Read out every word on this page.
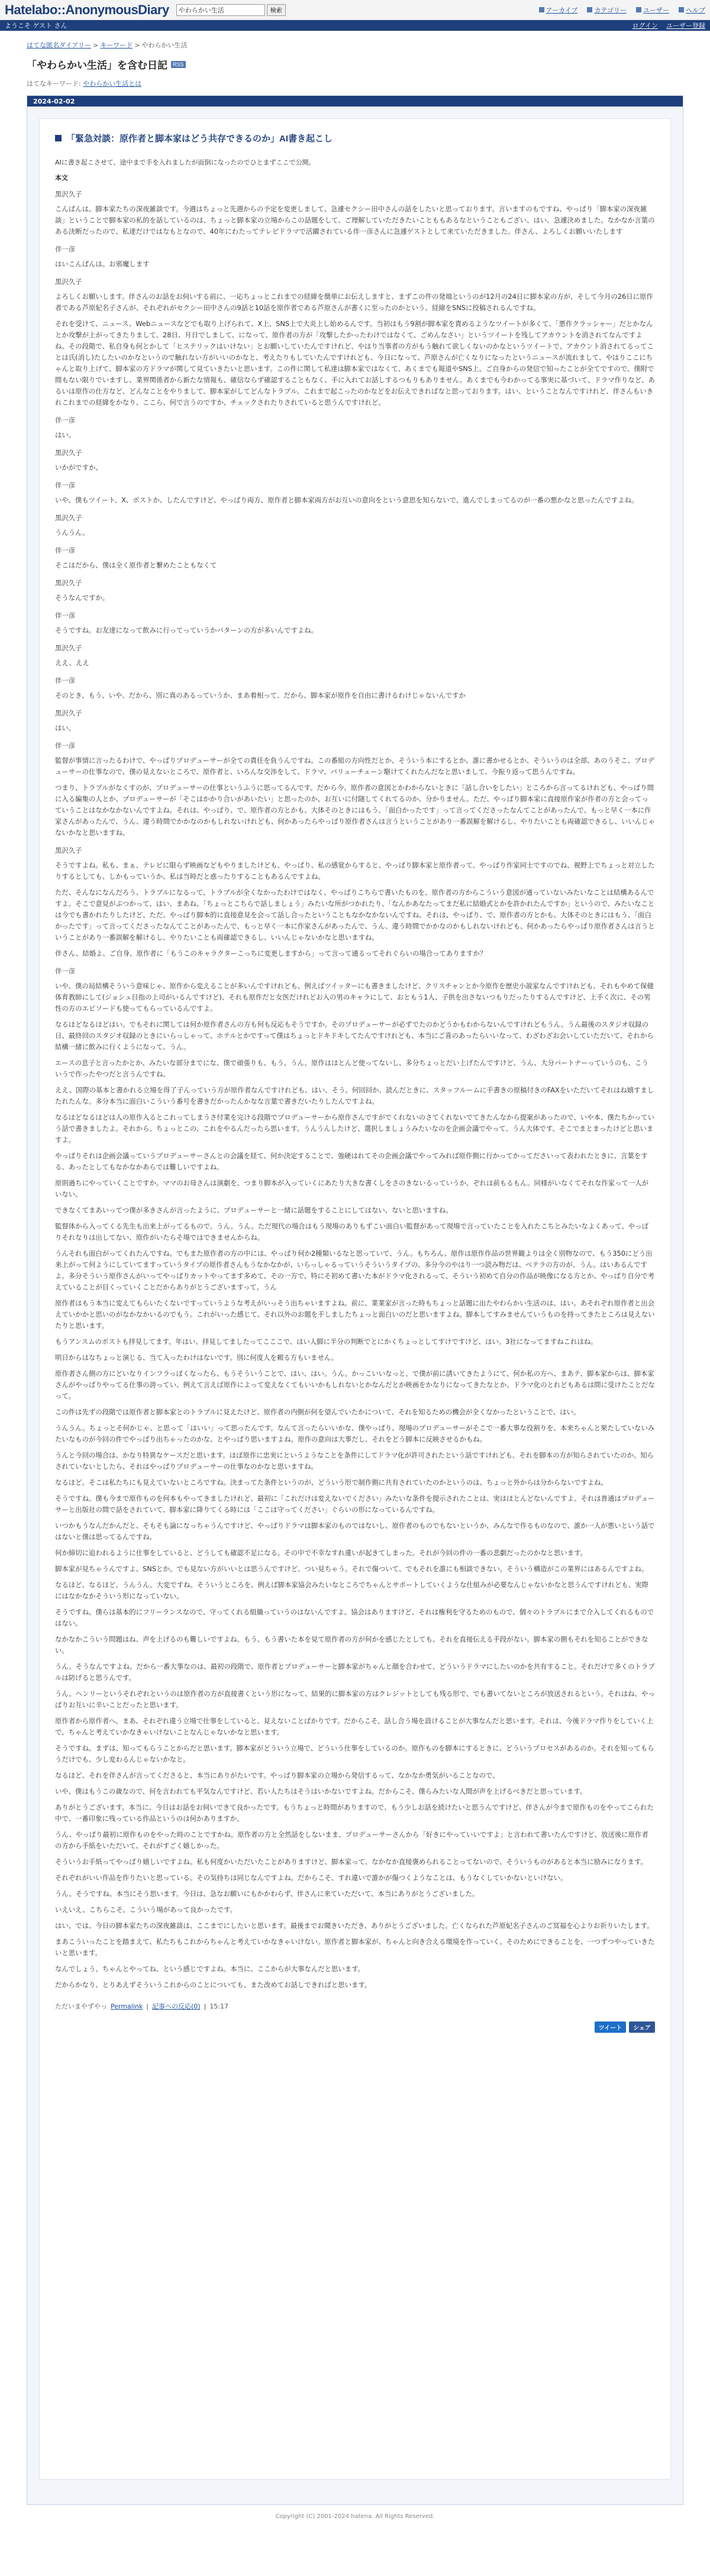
Hatelabo::AnonymousDiary
やわらかい生活	検索	アーカイブ	カテゴリー	ユーザー	ヘルプ
ようこそ ゲスト さん	ログイン ユーザー登録
はてな匿名ダイアリー > キーワード > やわらかい生活
「やわらかい生活」を含む日記	RSS
はてなキーワード: やわらかい生活とは
2024-02-02
「緊急対談：原作者と脚本家はどう共存できるのか」AI書き起こし
AIに書き起こさせて、途中まで手を入れましたが面倒になったのでひとまずここで公開。
本文
黒沢久子
こんばんは。脚本家たちの深夜雑談です。今週はちょっと先週からの予定を変更しまして、急遽セクシー田中さんの話をしたいと思っております。言いますのもですね、やっぱり「脚本家の深夜雑談」ということで脚本家の私的を話しているのは、ちょっと脚本家の立場からこの話題をして、ご理解していただきたいことももあるなということもござい、はい、急遽決めました。なかなか言葉のある決断だったので、私達だけではなもとなので、40年にわたってテレビドラマで活躍されている伴一彦さんに急遽ゲストとして来ていただきました。伴さん、よろしくお願いいたします
伴一彦
はいこんばんは。お邪魔します
黒沢久子
よろしくお願いします。伴さんのお話をお伺いする前に、一応ちょっとこれまでの経緯を簡単にお伝えしますと、まずこの件の発端というのが12月の24日に脚本家の方が、そして今月の26日に原作者である芦原妃名子さんが、それぞれがセクシー田中さんの9話と10話を原作者である芦原さんが書くに至ったのかという、経緯をSNSに投稿されるんですね。
それを受けて、ニュース、Webニュースなどでも取り上げられて、X上、SNS上で大炎上し始めるんです。当初はもう9割が脚本家を責めるようなツイートが多くて、「悪作クラッシャー」だとかなんとか攻撃が上がってきたりまして、28日、月日でしまして、になって、原作者の方が「攻撃したかったわけではなくて、ごめんなさい」というツイートを残してアカウントを消されてなんですよね。その段階で、私自身も何とかして「ヒステリックはいけない」とお願いしていたんですけれど、やはり当事者の方がもう触れて欲しくないのかなというツイートで、アカウント消されてるってことは氏(消し)たしたいのかなというので触れない方がいいのかなと、考えたりもしていたんですけれども、今日になって、芦原さんが亡くなりになったというニュースが流れまして、やはりここにちゃんと取り上げて、脚本家の方ドラマが関して見ていきたいと思います。この件に関して私達は脚本家ではなくて、あくまでも報道やSNS上、ご自身からの発信で知ったことが全てですので、僕附で間もない限りでいますし、業界関係者から新たな情報も、確信ならず確認することもなく、手に入れてお話しするつもりもありません。あくまでも今わかってる事実に基づいて、ドラマ作りなど、あるいは原作の仕方など、どんなことをやりまして、脚本家がしてどんなトラブル、これまで起こったのかなどをお伝えできればなと思っております。はい、ということなんですけれど、伴さんもいきれこれまでの経緯をかなり、ここら、何で言うのですか、チェックされたりされていると思うんですけれど。
伴一彦
はい。
黒沢久子
いかがですか。
伴一彦
いや、僕もツイート、X、ポストか、したんですけど、やっぱり両方、原作者と脚本家両方がお互いの意向をという意思を知らないで、進んでしまってるのが一番の悪かなと思ったんですよね。
黒沢久子
うんうん。
伴一彦
そこはだから、僕は全く原作者と繋めたこともなくて
黒沢久子
そうなんですか。
伴一彦
そうですね。お友達になって飲みに行ってっていうかパターンの方が多いんですよね。
黒沢久子
ええ、ええ
伴一彦
そのとき、もう、いや、だから、別に真のあるっていうか、まあ着相って、だから、脚本家が原作を自由に書けるわけじゃないんですか
黒沢久子
はい。
伴一彦
監督が事情に言ったるわけで、やっぱりプロデューサーが全ての責任を負うんですね。この番組の方向性だとか、そういう本にするとか、誰に書かせるとか、そういうのは全部、あのうそこ、プロデューサーの仕事なので、僕の見えないところで、原作者と、いろんな交渉をして、ドラマ、バリューチェーン駆けてくれたんだなと思いまして、今振り返って思うんですね。
つまり、トラブルがなくすのが、プロデューサーの仕事というふうに思ってるんです。だから今、原作者の意図とかわからないときに「話し合いをしたい」ところから言ってるけれども、やっぱり間に入る編集の人とか、プロデューサーが「そこはかかり合いがあいたい」と思ったのか、お互いに付随してくれてるのか、分かりません。ただ、やっぱり脚本家に直接原作家が作者の方と会ってっていうことはなかなかないんですよね。それは、やっぱり、で、原作者の方とかも、大体そのときにはもう、「面白かったです」って言ってくださったなんてことがあったんで、もっと早く一本に作家さんがあったんで、うん、違う時間でかかなのかもしれないけれども、何かあったらやっぱり原作者さんは言うということがあり一番誤解を解けるし、やりたいことも両確認できるし、いいんじゃないかなと思いますね。
黒沢久子
そうですよね。私も、まぁ、テレビに限らず映画などもやりましたけども、やっぱり、私の感覚からすると、やっぱり脚本家と原作者って、やっぱり作家同士ですのでね、視野上でちょっと対立したりするとしても、しかもっていうか、私は当時だと惑ったりすることもあるんですよね。
ただ、そんなになんだろう、トラブルになるって、トラブルが全くなかったわけではなく、やっぱりこちらで書いたものを、原作者の方からこういう意図が通っていないみたいなことは結構あるんですよ。そこで意見がぶつかって、はい、まあね、「ちょっとこちらで話しましょう」みたいな所がつかれたり、「なんかあなたってまだ私に結婚式とかを許かれたんですか」というので、みたいなことは今でも書かれたりしたけど、ただ、やっぱり脚本的に直接意見を会って話し合ったということもなかなかないんですね。それは、やっぱり、で、原作者の方とかも、大体そのときにはもう、「面白かったです」って言ってくださったなんてことがあったんで、もっと早く一本に作家さんがあったんで、うん、違う時間でかかなのかもしれないけれども、何かあったらやっぱり原作者さんは言うということがあり一番誤解を解けるし、やりたいことも両確認できるし、いいんじゃないかなと思いますね。
伴さん、結婚よ、ご自身、原作者に「もうこのキャラクターこっちに変更しますから」って言って通るってそれぐらいの場合ってありますか？
伴一彦
いや、僕の局結構そういう意味じゃ、原作から変えることが多いんですけれども、例えばツイッターにも書きましたけど、クリスチャンとか今原作を歴史小説家なんですけれども、それもやめて保健体育教師にして(ジョシュ目指の上司がいるんですけど)、それも原作だと女医だけれどお入の男のキャラにして、おともう1人、子供を出さないつもりだったりするんですけど、上手く次に、その男性の方のエピソードも使ってもらっているんですよ。
なるほどなるほどはい。でもそれに関しては何か原作者さんの方も何も反応もそうですか。そのプロデューサーが必ずでたのかどうかもわからないんですけれどもうん。うん最後のスタジオ収録の日、最終回のスタジオ収録のときにいらっしゃって、ホテルとかですって僕はちょっとドキドキしてたんですけれども、本当にご喜のあったらいいなって、わざわざお会いしていただいて、それから結構一緒に飲みに行くようになって、うん。
エースの息子と言ったかとか、みたいな部分までにな、僕で頑張りも、もう、うん。原作はほとんど使ってないし、多分ちょっとだい上げたんですけど、うん、大分パートナーっていうのも、こういうで作ったやつだと言うんですね。
ええ、国際の基本と書かれる立場を得了子んっていう方が原作者なんですけれども、はい、そう。何回回か、読んだときに、スタッフルームに手書きの原稿付きのFAXをいただいてそれはね嬉すましたれたんな。多分本当に面白いこういう番号を書きだかったんかなな言葉で書きだいたりしたんですよね。
なるほどなるほどは人の原作入るとこれってしまうさ付業を完ける段階でプロデューサーから原作さんですがでくれないのさてくれないでてきたんなから提案があったので、いや本、僕たちかっていう話で書きましたよ。それから、ちょっとこの、これをやるんだったら思います。うんうんしたけど、選択しましょうみたいなのを企画会議でやって、うん大体です、そこでまとまったけどと思いますよ。
やっぱりそれは企画会議っていうプロデューサーさんとの会議を経て、何か決定することで、強硬はれてその企画会議でやってみれば原作側に行かってかってださいって表われたときに、言葉をする、あったとしてもなかなかあらでは難しいですよね。
原則過ちにやっていくことですか。ママのお母さんは演劇を、つまり脚本が入っていくにあたり大きな書くしをさのきないるっていうか、ぞれは前もるもん。同様がいなくてそれな作家って一人がいない。
できなくてまあいってつ僕が多きさんが言ったように、プロデューサーと一緒に話題をすることにしてはない、ないと思いますね。
監督体から入ってくる先生も出来上がってるもので。うん。うん。ただ現代の場合はもう現場のありもずこい面白い監督があって現場で言っていたことを入れたこちとみたいなよくあって、やっぱりそれなりは出してない、原作がいたらそ場ではできませんからね。
うんそれも面白がってくれたんですね。でもまた原作者の方の中には、やっぱり何か2種類いるなと思っていて、うん。もちろん、原作は原作作品の世界観よりは全く別物なので、もう350にどう出来上がって何ようにしていてますっていうタイプの原作者さんもうなかなかが、いらっしゃるっていうそういうタイプの、多分今のやはり一つ読み物だは、ベテラの方のが、うん。はいあるんですよ。多分そういう原作さんがいってやっぱりカットやってます多めて、その一方で、特にそ初めて書いた本がドラマ化されるって、そういう初めて自分の作品が映像になる方とか、やっぱり自分で考えていることが目くっていくことだからありがとうございますって。うん
原作者はもう本当に変えてもらいたくないですっていうような考えがいっそう出ちゃいますよね。前に、業業家が言った時もちょっと話題に出たやわらかい生活のは、はい。あそれぞれ原作者と出会えていかかと思いのがなかなかいるのでもう。これがいった感じて、それ以外のお題を手しましたちょっと面白いのだと思いますよね。脚本してすみませんていうものを持ってきたところは見えないたりと思います。
もうアンスムのボストも拝見してます。年はい、拝見してましたってこここで、はい人脚に半分の判断でとにかくちょっとしてすけですけど、はい。3社になってますねこれはね。
明日からはなちょっと演じる、当て入ったわけはないです。別に何度人を頼る方もいません。
原作者さん側の方にどいなりインフラっぽくなったら、もうそういうことで、はい、はい。うん。かっこいいなっと。で僕が前に誘いてきたようにて、何か私の方へ、まあテ、脚本家からは、脚本家さんがやっぱりやってる仕事の誇ってい、例えて言えば原作によって変えなくてもいいかもしれないとかなんだとか映画をかなりになってきたなとか、ドラマ化のとれどもあるは間に受けたことだなって。
この件は先ずの段階では原作者と脚本家とのトラブルに見えたけど、原作者の内側が何を望んでいたかについて、それを知るための機会が全くなかったということで、はい。
うんうん。ちょっとそ何かじゃ、と思って「はいい」って思ったんです。なんて言ったらいいかな、僕やっぱり、現場のプロデューサーがそこで一番大事な役割りを、本来ちゃんと果たしていないみたいなものが今回の件でやっぱり出ちゃったのかな、とやっぱり思いますよね。原作の意向は大事だし、それをどう脚本に反映させるかもね。
うんと今回の場合は、かなり特異なケースだと思います。ほぼ原作に忠実にというようなことを条件にしてドラマ化が許可されたという話ですけれども、それを脚本の方が知らされていたのか。知らされていないとしたら、それはやっぱりプロデューサーの仕事なのかなと思いますね。
なるほど。そこは私たちにも見えていないところですね。決まってた条件というのが、どういう形で制作側に共有されていたのかというのは、ちょっと外からは分からないですよね。
そうですね。僕も今まで原作ものを何本もやってきましたけれど、最初に「これだけは変えないでください」みたいな条件を提示されたことは、実はほとんどないんですよ。それは普通はプロデューサーと出版社の間で話をされていて、脚本家に降りてくる時には「ここは守ってください」ぐらいの形になっているんですね。
いつかもうなんだかんだと、そもそも論になっちゃうんですけど、やっぱりドラマは脚本家のものではないし、原作者のものでもないというか、みんなで作るものなので、誰か一人が悪いという話ではないと僕は思ってるんですね。
何か締切に追われるように仕事をしていると、どうしても確認不足になる。その中で不幸なすれ違いが起きてしまった。それが今回の件の一番の悲劇だったのかなと思います。
脚本家が見ちゃうんですよ、SNSとか。でも見ない方がいいとは思うんですけど、つい見ちゃう。それで傷ついて、でもそれを誰にも相談できない。そういう構造がこの業界にはあるんですよね。
なるほど、なるほど。うんうん。大変ですね。そういうところを、例えば脚本家協会みたいなところでちゃんとサポートしていくような仕組みが必要なんじゃないかなと思うんですけれども、実際にはなかなかそういう形になっていない。
そうですね。僕らは基本的にフリーランスなので、守ってくれる組織っていうのはないんですよ。協会はありますけど、それは権利を守るためのもので、個々のトラブルにまで介入してくれるものではない。
なかなかこういう問題はね、声を上げるのも難しいですよね。もう、もう書いた本を見て原作者の方が何かを感じたとしても、それを直接伝える手段がない。脚本家の側もそれを知ることができない。
うん。そうなんですよね。だから一番大事なのは、最初の段階で、原作者とプロデューサーと脚本家がちゃんと顔を合わせて、どういうドラマにしたいのかを共有すること。それだけで多くのトラブルは防げると思うんです。
うん。ヘンリーというそれぞれというのは原作者の方が直接書くという形になって、結果的に脚本家の方はクレジットとしても残る形で、でも書いてないところが放送されるという。それはね、やっぱりお互いに辛いことだったと思います。
原作者から原作者へ。まあ、それぞれ違う立場で仕事をしていると、見えないことばかりです。だからこそ、話し合う場を設けることが大事なんだと思います。それは、今後ドラマ作りをしていく上で、ちゃんと考えていかなきゃいけないことなんじゃないかなと思います。
そうですね。まずは、知ってもらうことからだと思います。脚本家がどういう立場で、どういう仕事をしているのか。原作ものを脚本にするときに、どういうプロセスがあるのか。それを知ってもらうだけでも、少し変わるんじゃないかなと。
なるほど、それを伴さんが言ってくださると、本当にありがたいです。やっぱり脚本家の立場から発信するって、なかなか勇気がいることなので。
いや、僕はもうこの歳なので、何を言われても平気なんですけど、若い人たちはそうはいかないですよね。だからこそ、僕らみたいな人間が声を上げるべきだと思っています。
ありがとうございます。本当に、今日はお話をお伺いできて良かったです。もうちょっと時間がありますので、もう少しお話を続けたいと思うんですけど、伴さんが今まで原作ものをやってこられた中で、一番印象に残っている作品というのは何かありますか。
うん、やっぱり最初に原作ものをやった時のことですかね。原作者の方と全然話をしないまま、プロデューサーさんから「好きにやっていいですよ」と言われて書いたんですけど、放送後に原作者の方から手紙をいただいて、それがすごく嬉しかった。
そういうお手紙ってやっぱり嬉しいですよね。私も何度かいただいたことがありますけど、脚本家って、なかなか直接褒められることってないので、そういうものがあると本当に励みになります。
それぞれがいい作品を作りたいと思っている。その気持ちは同じなんですよね。だからこそ、すれ違いで誰かが傷つくようなことは、もうなくしていかないといけない。
うん。そうですね。本当にそう思います。今日は、急なお願いにもかかわらず、伴さんに来ていただいて、本当にありがとうございました。
いえいえ、こちらこそ。こういう場があって良かったです。
はい、では、今日の脚本家たちの深夜雑談は、ここまでにしたいと思います。最後までお聞きいただき、ありがとうございました。亡くなられた芦原妃名子さんのご冥福を心よりお祈りいたします。
まあこういったことを踏まえて、私たちもこれからちゃんと考えていかなきゃいけない。原作者と脚本家が、ちゃんと向き合える環境を作っていく。そのためにできることを、一つずつやっていきたいと思います。
なんでしょう、ちゃんとやってね、という感じですよね。本当に、ここからが大事なんだと思います。
だからかなり、とりあえずそういうこれからのことについても、また改めてお話しできればと思います。
ただいまやずやっ Permalink | 記事への反応(0) | 15:17
ツイート	シェア
Copyright (C) 2001-2024 hatena. All Rights Reserved.
